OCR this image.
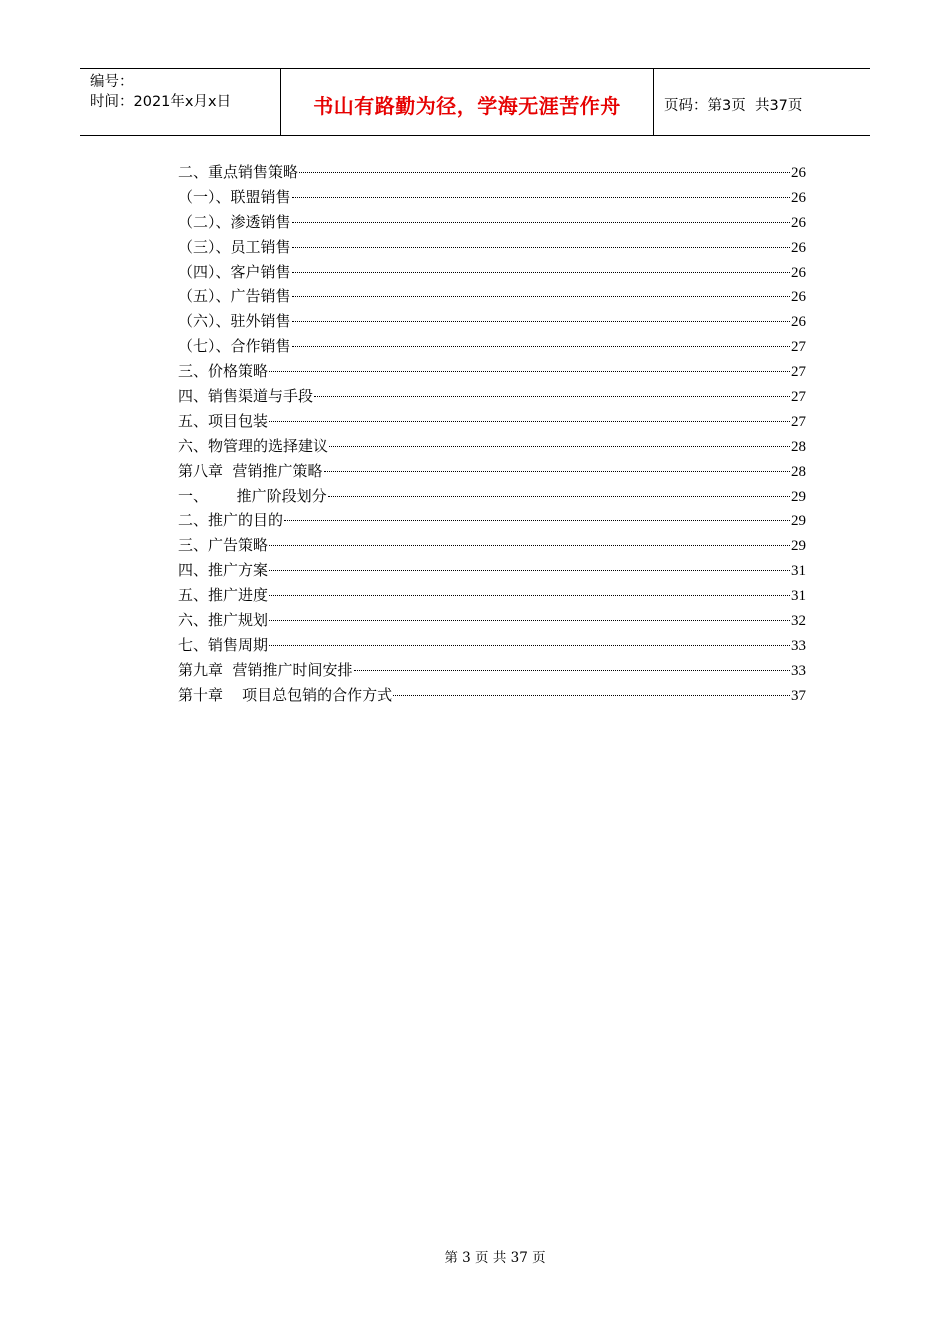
编号：
时间：2021年x月x日	书山有路勤为径，学海无涯苦作舟	页码：第3页  共37页
二、重点销售策略	26
（一）、联盟销售	26
（二）、渗透销售	26
（三）、员工销售	26
（四）、客户销售	26
（五）、广告销售	26
（六）、驻外销售	26
（七）、合作销售	27
三、价格策略	27
四、销售渠道与手段	27
五、项目包装	27
六、物管理的选择建议	28
第八章  营销推广策略	28
一、      推广阶段划分	29
二、推广的目的	29
三、广告策略	29
四、推广方案	31
五、推广进度	31
六、推广规划	32
七、销售周期	33
第九章  营销推广时间安排	33
第十章    项目总包销的合作方式	37
第 3 页 共 37 页
